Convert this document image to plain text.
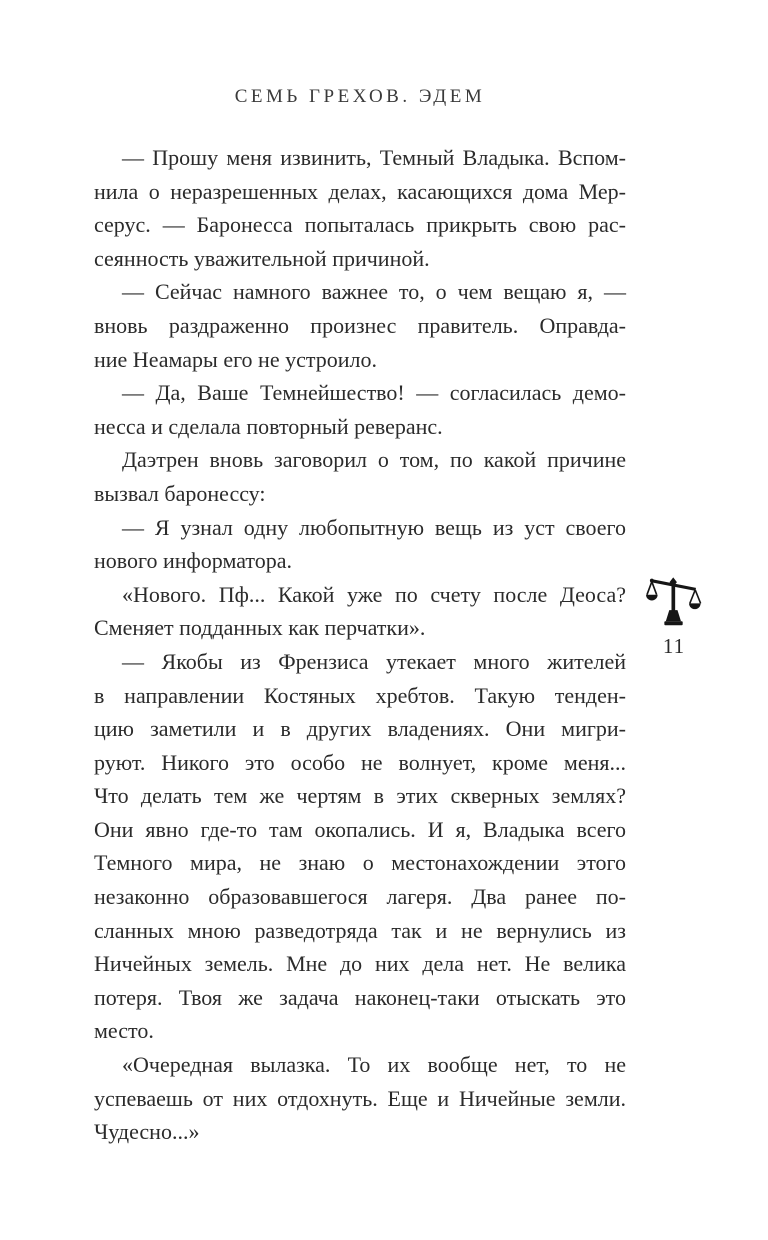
СЕМЬ ГРЕХОВ. ЭДЕМ
— Прошу меня извинить, Темный Владыка. Вспом-
нила о неразрешенных делах, касающихся дома Мер-
серус. — Баронесса попыталась прикрыть свою рас-
сеянность уважительной причиной.
— Сейчас намного важнее то, о чем вещаю я, —
вновь раздраженно произнес правитель. Оправда-
ние Неамары его не устроило.
— Да, Ваше Темнейшество! — согласилась демо-
несса и сделала повторный реверанс.
Даэтрен вновь заговорил о том, по какой причине
вызвал баронессу:
— Я узнал одну любопытную вещь из уст своего
нового информатора.
«Нового. Пф... Какой уже по счету после Деоса?
Сменяет подданных как перчатки».
— Якобы из Френзиса утекает много жителей
в направлении Костяных хребтов. Такую тенден-
цию заметили и в других владениях. Они мигри-
руют. Никого это особо не волнует, кроме меня...
Что делать тем же чертям в этих скверных землях?
Они явно где-то там окопались. И я, Владыка всего
Темного мира, не знаю о местонахождении этого
незаконно образовавшегося лагеря. Два ранее по-
сланных мною разведотряда так и не вернулись из
Ничейных земель. Мне до них дела нет. Не велика
потеря. Твоя же задача наконец-таки отыскать это
место.
«Очередная вылазка. То их вообще нет, то не
успеваешь от них отдохнуть. Еще и Ничейные земли.
Чудесно...»
11
